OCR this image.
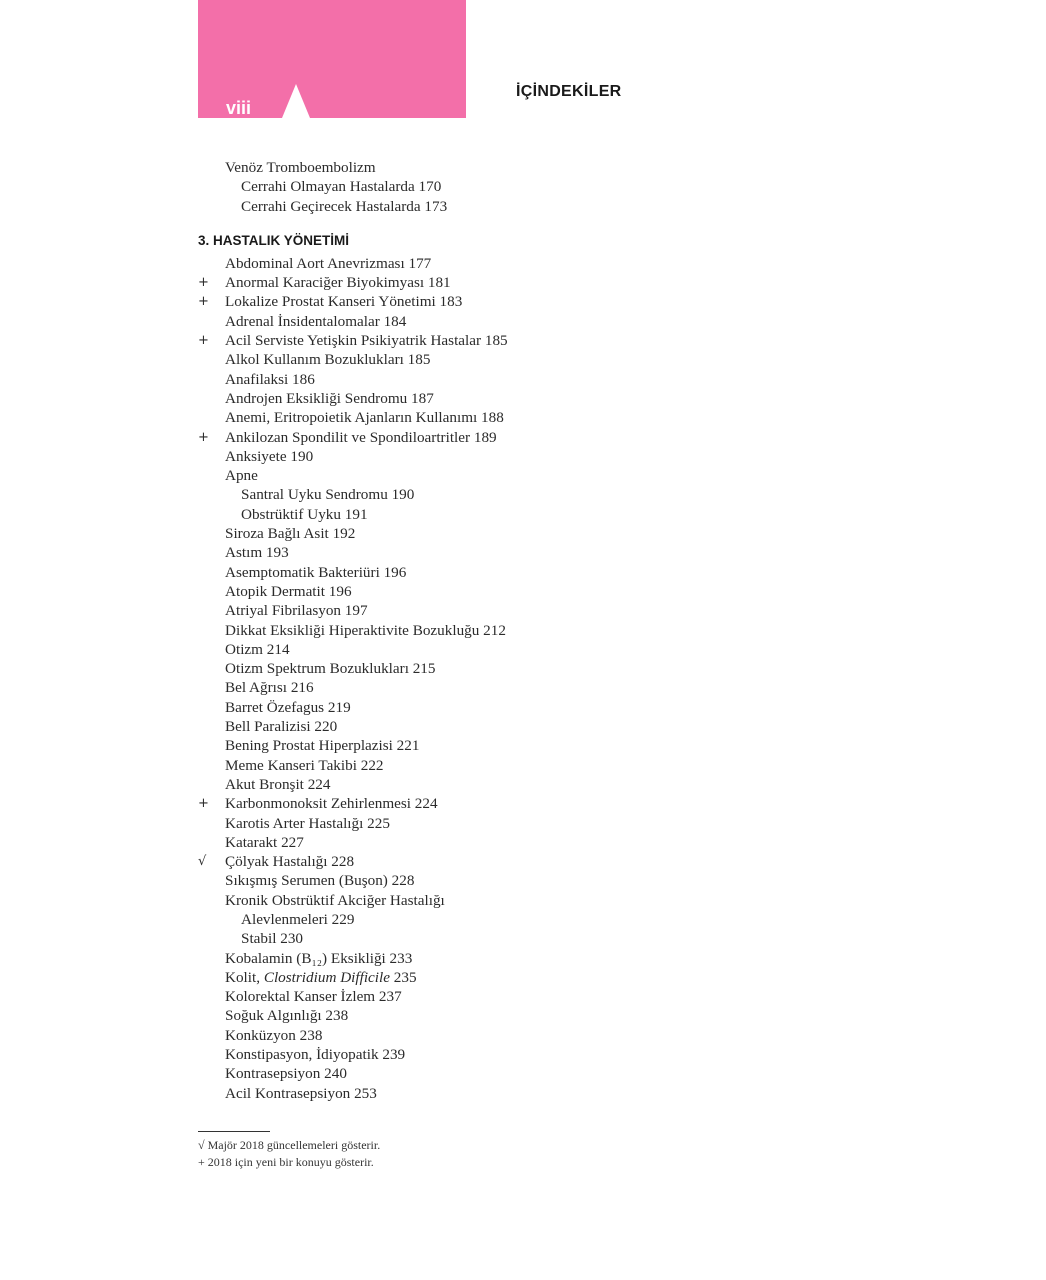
viii
İÇİNDEKİLER
Venöz Tromboembolizm
Cerrahi Olmayan Hastalarda 170
Cerrahi Geçirecek Hastalarda 173
3. HASTALIK YÖNETİMİ
Abdominal Aort Anevrizması 177
+	Anormal Karaciğer Biyokimyası 181
+	Lokalize Prostat Kanseri Yönetimi 183
Adrenal İnsidentalomalar 184
+	Acil Serviste Yetişkin Psikiyatrik Hastalar 185
Alkol Kullanım Bozuklukları 185
Anafilaksi 186
Androjen Eksikliği Sendromu 187
Anemi, Eritropoietik Ajanların Kullanımı 188
+	Ankilozan Spondilit ve Spondiloartritler 189
Anksiyete 190
Apne
Santral Uyku Sendromu 190
Obstrüktif Uyku 191
Siroza Bağlı Asit 192
Astım 193
Asemptomatik Bakteriüri 196
Atopik Dermatit 196
Atriyal Fibrilasyon 197
Dikkat Eksikliği Hiperaktivite Bozukluğu 212
Otizm 214
Otizm Spektrum Bozuklukları 215
Bel Ağrısı 216
Barret Özefagus 219
Bell Paralizisi 220
Bening Prostat Hiperplazisi 221
Meme Kanseri Takibi 222
Akut Bronşit 224
+	Karbonmonoksit Zehirlenmesi 224
Karotis Arter Hastalığı 225
Katarakt 227
√	Çölyak Hastalığı 228
Sıkışmış Serumen (Buşon) 228
Kronik Obstrüktif Akciğer Hastalığı
Alevlenmeleri 229
Stabil 230
Kobalamin (B₁₂) Eksikliği 233
Kolit, Clostridium Difficile 235
Kolorektal Kanser İzlem 237
Soğuk Algınlığı 238
Konküzyon 238
Konstipasyon, İdiyopatik 239
Kontrasepsiyon 240
Acil Kontrasepsiyon 253
√ Majör 2018 güncellemeleri gösterir.
+ 2018 için yeni bir konuyu gösterir.
